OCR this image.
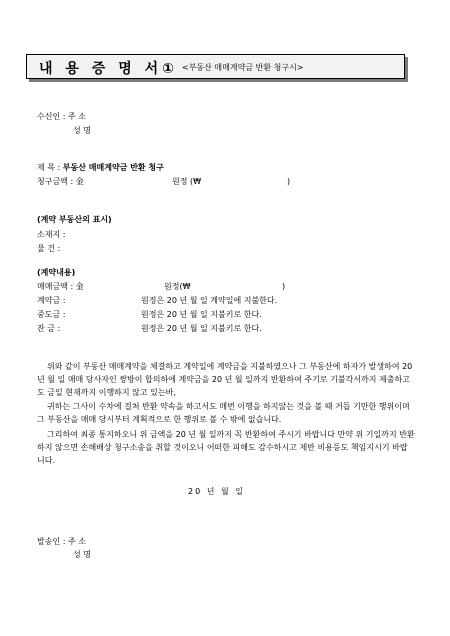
내 용 증 명 서① <부동산 매매계약금 반환 청구시>
수신인 : 주 소
성 명
제 목 : 부동산 매매계약금 반환 청구
청구금액 : 金	원정 (₩	)
(계약 부동산의 표시)
소재지 :
물 건 :
(계약내용)
매매금액 : 金	원정(₩	)
계약금 :	원정은 20 년 월 일 계약일에 지불한다.
중도금 :	원정은 20 년 월 일 지불키로 한다.
잔 금 :	원정은 20 년 월 일 지불키로 한다.
위와 같이 부동산 매매계약을 체결하고 계약일에 계약금을 지불하였으나 그 부동산에 하자가 발생하여 20 년 월 일 매매 당사자인 쌍방이 합의하에 계약금을 20 년 월 일까지 반환하여 주기로 기불각서까지 제출하고도 금일 현재까지 이행하지 않고 있는바,
귀하는 그사이 수차에 걸쳐 반환 약속을 하고서도 매번 이행을 하지않는 것을 볼 때 거듭 기만한 행위이며 그 부동산을 매매 당시부터 계획적으로 한 행위로 볼 수 밖에 없습니다.
그리하여 최종 통지하오니 위 금액을 20 년 월 일까지 꼭 반환하여 주시기 바랍니다 만약 위 기일까지 반환하지 않으면 손해배상 청구소송을 취할 것이오니 어떠한 피해도 감수하시고 제반 비용등도 책임지시기 바랍니다.
20 년 월 일
발송인 : 주 소
성 명
